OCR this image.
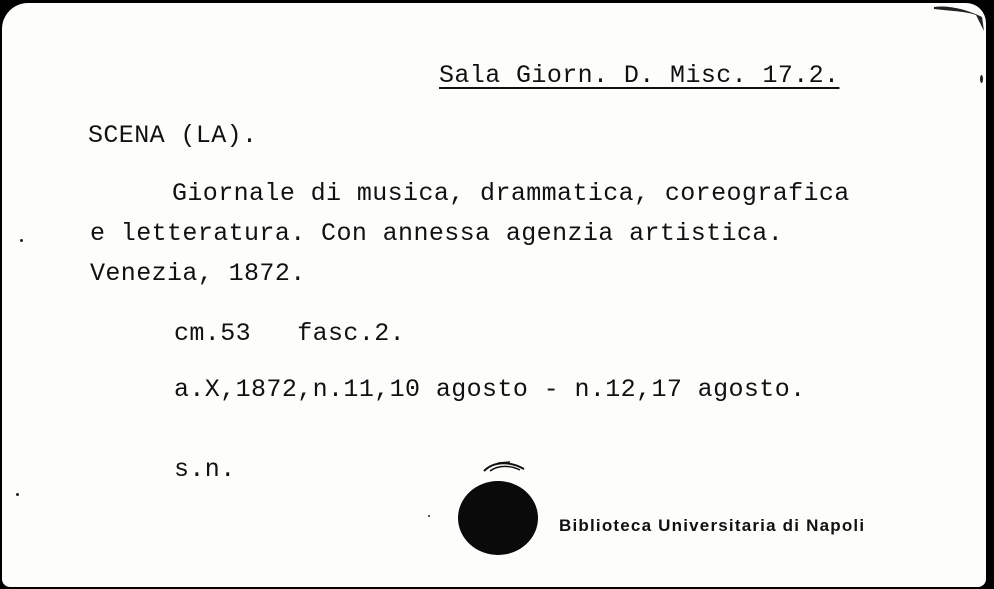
Sala Giorn. D. Misc. 17.2.
SCENA (LA).
Giornale di musica, drammatica, coreografica
e letteratura. Con annessa agenzia artistica.
Venezia, 1872.
cm.53   fasc.2.
a.X,1872,n.11,10 agosto - n.12,17 agosto.
s.n.
Biblioteca Universitaria di Napoli
